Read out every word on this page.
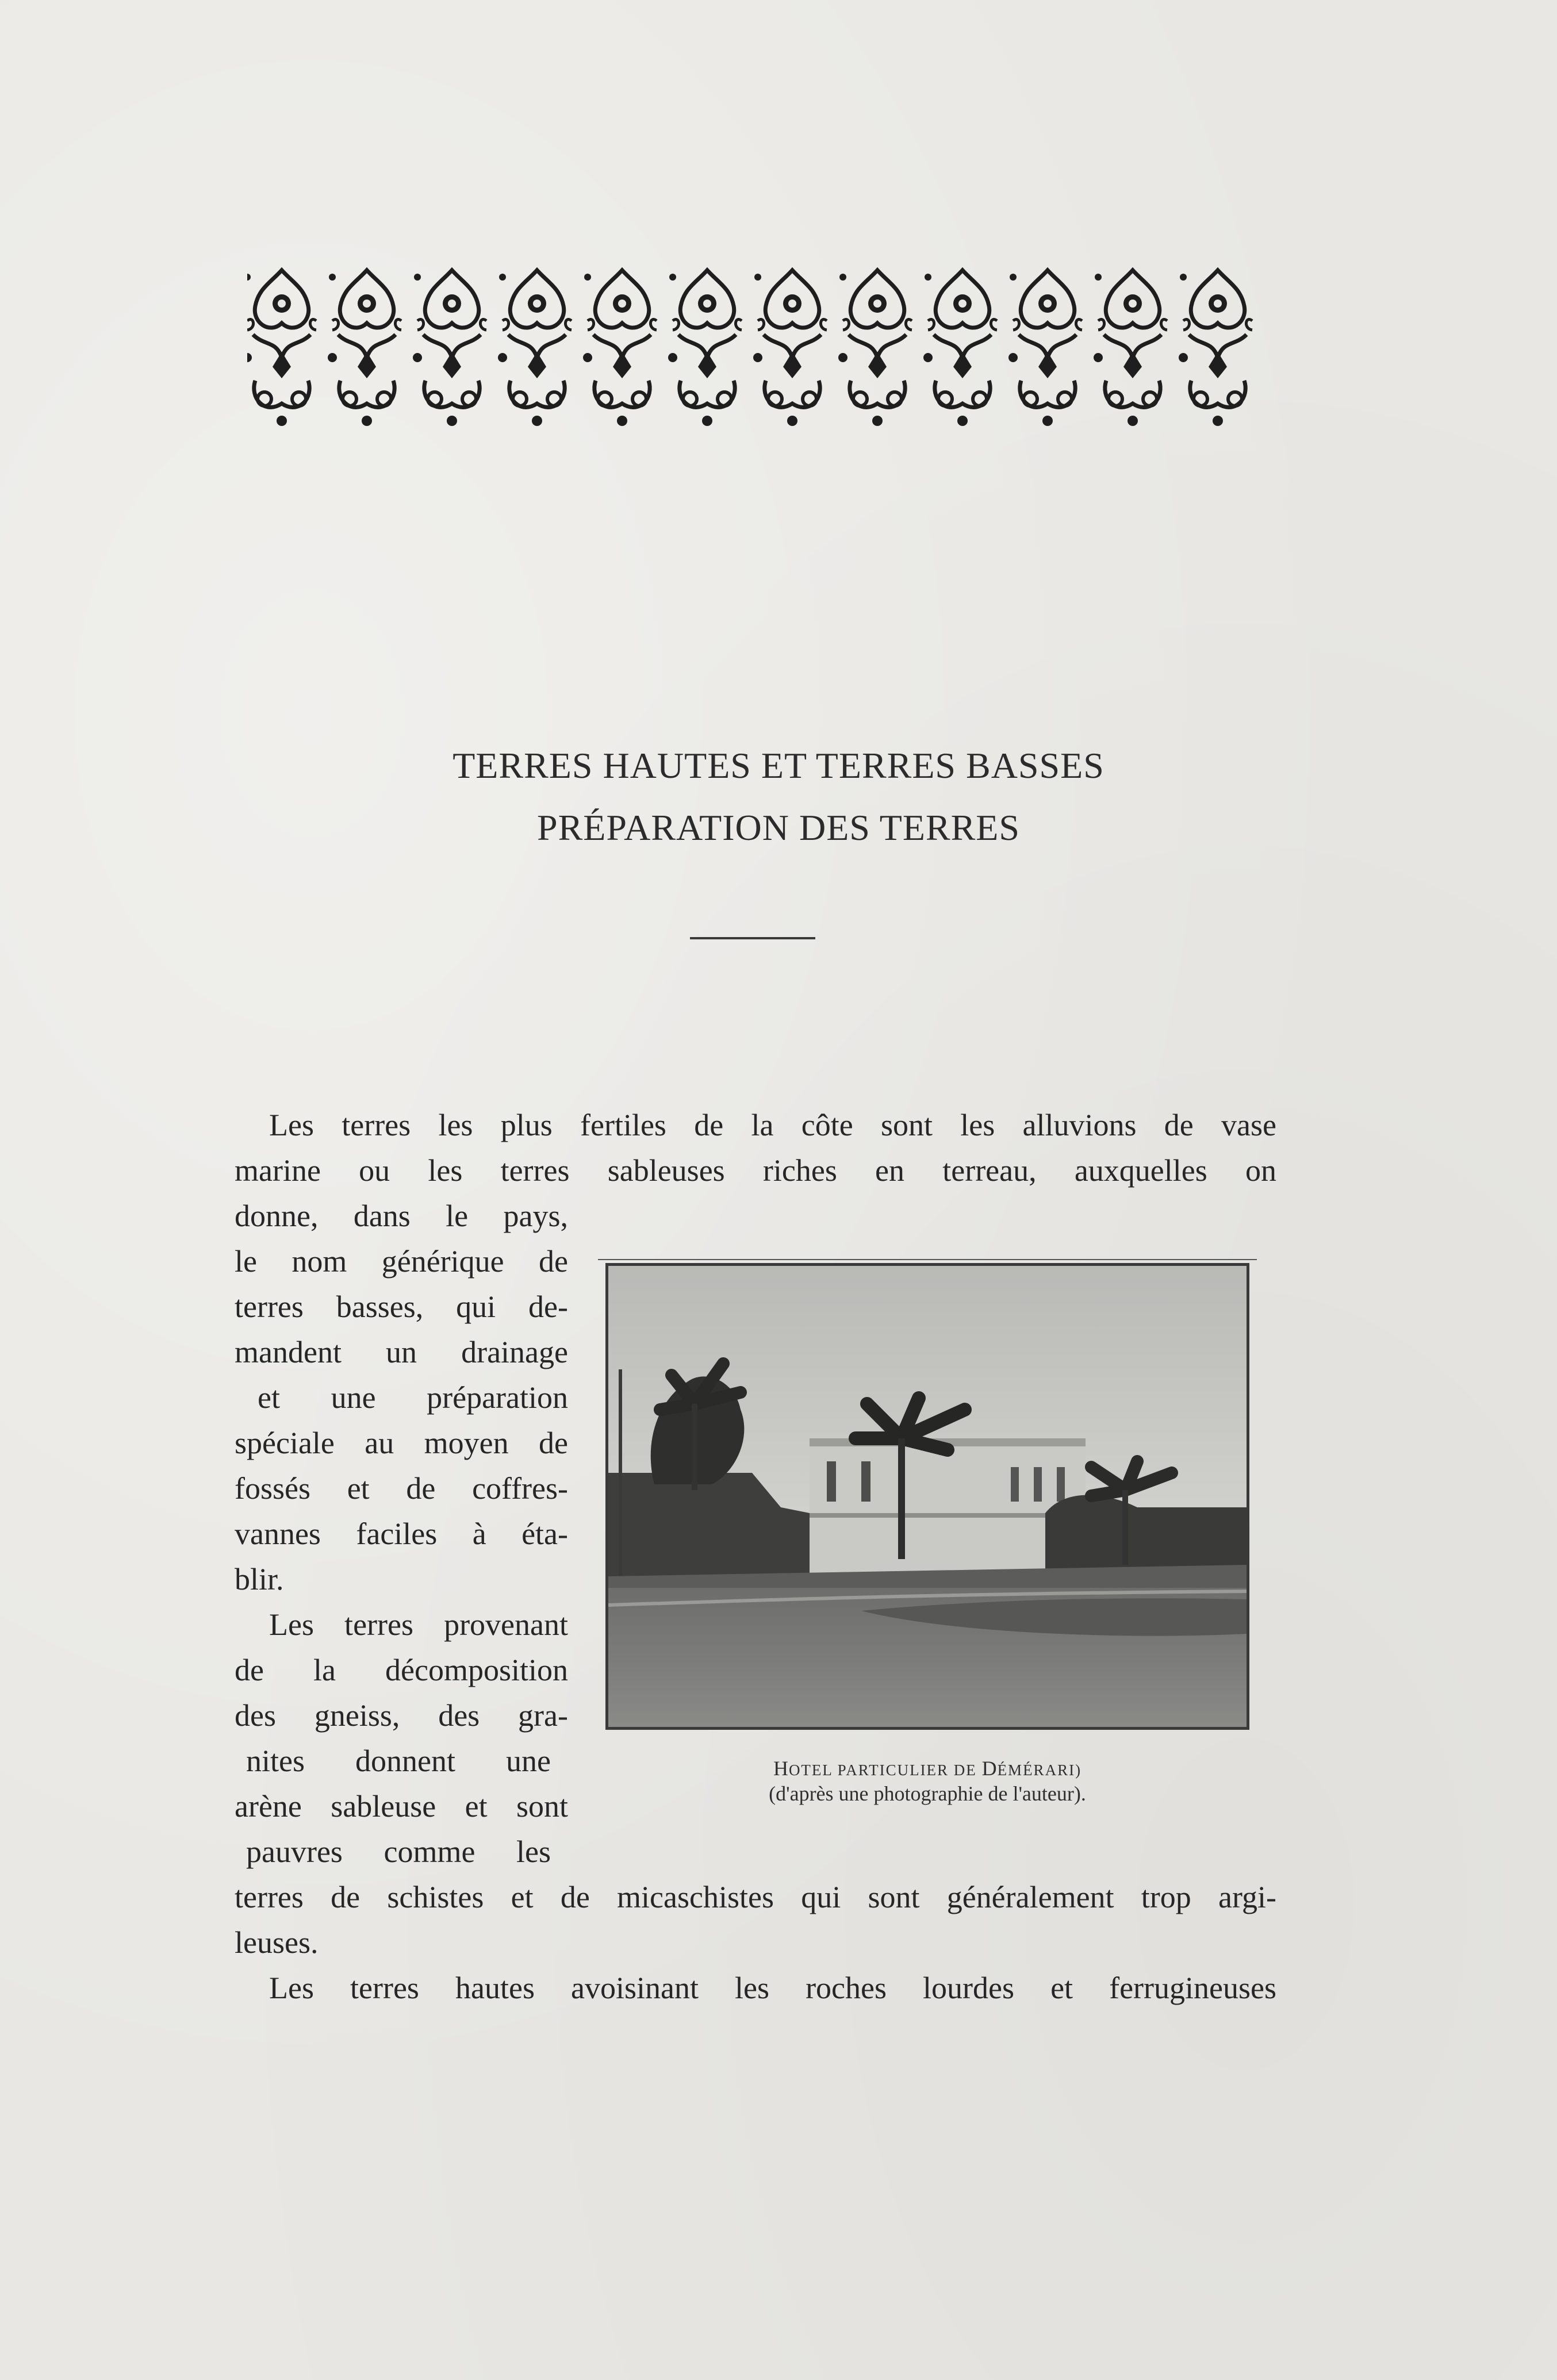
TERRES HAUTES ET TERRES BASSES
PRÉPARATION DES TERRES

Les terres les plus fertiles de la côte sont les alluvions de vase

marine ou les terres sableuses riches en terreau, auxquelles on

donne, dans le pays,

le nom générique de

terres basses, qui de-

mandent un drainage

et une préparation

spéciale au moyen de

fossés et de coffres-

vannes faciles à éta-

blir.

Les terres provenant

de la décomposition

des gneiss, des gra-

nites donnent une

arène sableuse et sont

pauvres comme les

terres de schistes et de micaschistes qui sont généralement trop argi-

leuses.

Les terres hautes avoisinant les roches lourdes et ferrugineuses

HOTEL PARTICULIER DE DÉMÉRARI)

(d'après une photographie de l'auteur).
